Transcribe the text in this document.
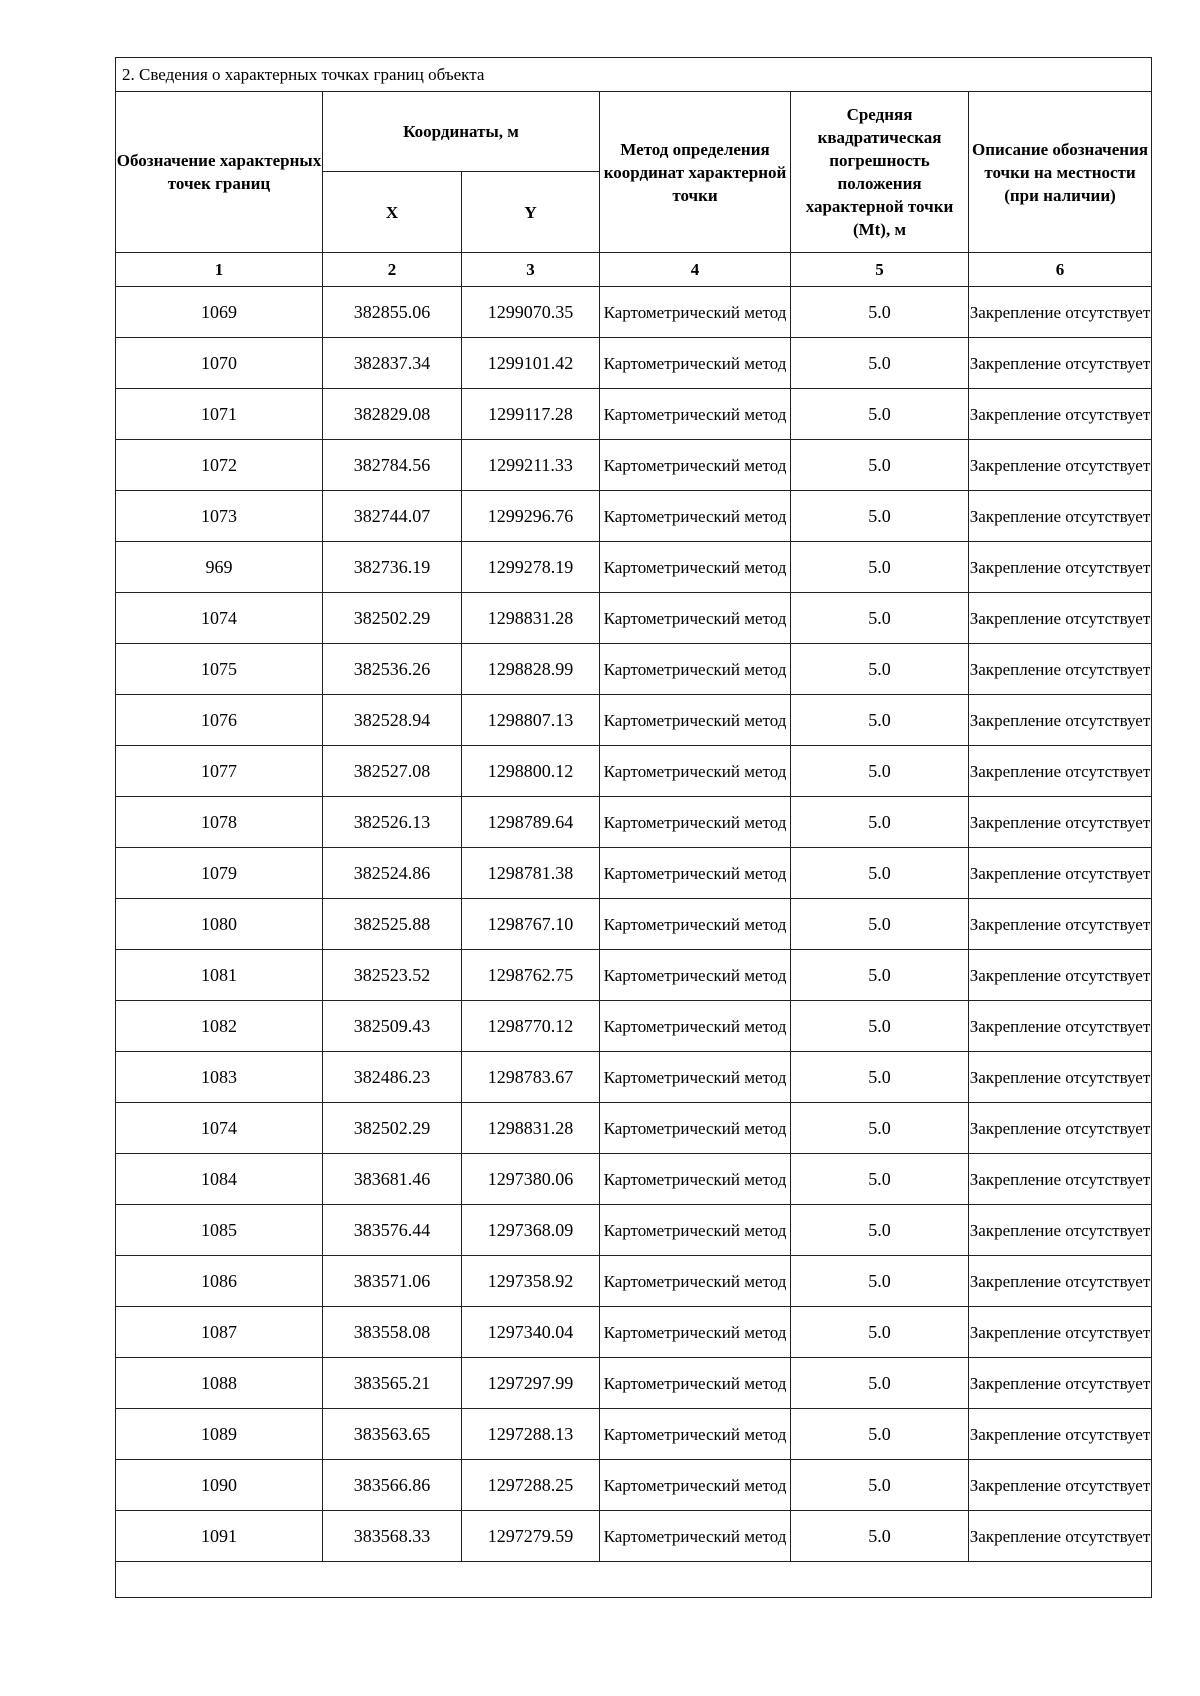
2. Сведения о характерных точках границ объекта					
Обозначение характерных точек границ	Координаты, м		Метод определения координат характерной точки	Средняя квадратическая погрешность положения характерной точки (Mt), м	Описание обозначения точки на местности (при наличии)
	X	Y			
1	2	3	4	5	6
1069	382855.06	1299070.35	Картометрический метод	5.0	Закрепление отсутствует
1070	382837.34	1299101.42	Картометрический метод	5.0	Закрепление отсутствует
1071	382829.08	1299117.28	Картометрический метод	5.0	Закрепление отсутствует
1072	382784.56	1299211.33	Картометрический метод	5.0	Закрепление отсутствует
1073	382744.07	1299296.76	Картометрический метод	5.0	Закрепление отсутствует
969	382736.19	1299278.19	Картометрический метод	5.0	Закрепление отсутствует
1074	382502.29	1298831.28	Картометрический метод	5.0	Закрепление отсутствует
1075	382536.26	1298828.99	Картометрический метод	5.0	Закрепление отсутствует
1076	382528.94	1298807.13	Картометрический метод	5.0	Закрепление отсутствует
1077	382527.08	1298800.12	Картометрический метод	5.0	Закрепление отсутствует
1078	382526.13	1298789.64	Картометрический метод	5.0	Закрепление отсутствует
1079	382524.86	1298781.38	Картометрический метод	5.0	Закрепление отсутствует
1080	382525.88	1298767.10	Картометрический метод	5.0	Закрепление отсутствует
1081	382523.52	1298762.75	Картометрический метод	5.0	Закрепление отсутствует
1082	382509.43	1298770.12	Картометрический метод	5.0	Закрепление отсутствует
1083	382486.23	1298783.67	Картометрический метод	5.0	Закрепление отсутствует
1074	382502.29	1298831.28	Картометрический метод	5.0	Закрепление отсутствует
1084	383681.46	1297380.06	Картометрический метод	5.0	Закрепление отсутствует
1085	383576.44	1297368.09	Картометрический метод	5.0	Закрепление отсутствует
1086	383571.06	1297358.92	Картометрический метод	5.0	Закрепление отсутствует
1087	383558.08	1297340.04	Картометрический метод	5.0	Закрепление отсутствует
1088	383565.21	1297297.99	Картометрический метод	5.0	Закрепление отсутствует
1089	383563.65	1297288.13	Картометрический метод	5.0	Закрепление отсутствует
1090	383566.86	1297288.25	Картометрический метод	5.0	Закрепление отсутствует
1091	383568.33	1297279.59	Картометрический метод	5.0	Закрепление отсутствует
